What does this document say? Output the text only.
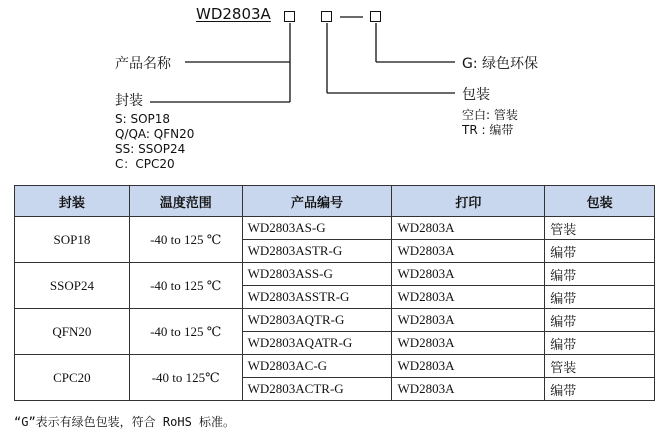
WD2803A
产品名称
封装	包装
G: 绿色环保
S: SOP18
Q/QA: QFN20
SS: SSOP24
C：CPC20
空白: 管装
TR : 编带
封装	温度范围	产品编号	打印	包装
SOP18	-40 to 125 ℃	WD2803AS-G	WD2803A	管装
		WD2803ASTR-G	WD2803A	编带
SSOP24	-40 to 125 ℃	WD2803ASS-G	WD2803A	编带
		WD2803ASSTR-G	WD2803A	编带
QFN20	-40 to 125 ℃	WD2803AQTR-G	WD2803A	编带
		WD2803AQATR-G	WD2803A	编带
CPC20	-40 to 125℃	WD2803AC-G	WD2803A	管装
		WD2803ACTR-G	WD2803A	编带
“G”表示有绿色包装，符合 RoHS 标准。
